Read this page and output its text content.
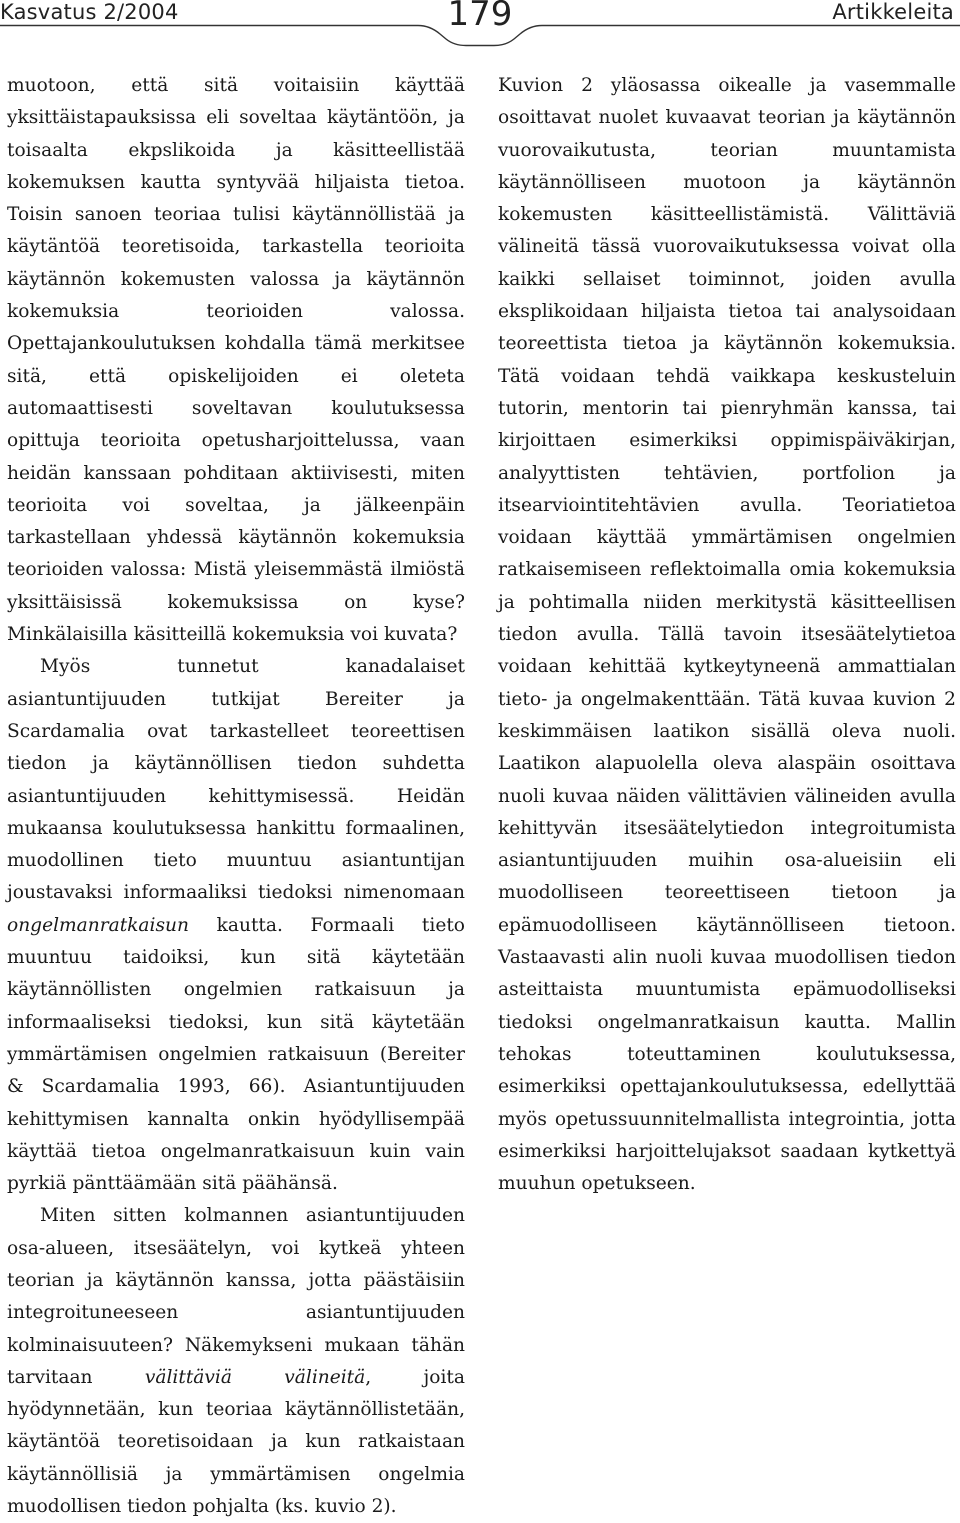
Kasvatus 2/2004	179	Artikkeleita

muotoon, että sitä voitaisiin käyttää yksittäistapauksissa eli soveltaa käytäntöön, ja toisaalta ekpslikoida ja käsitteellistää kokemuksen kautta syntyvää hiljaista tietoa. Toisin sanoen teoriaa tulisi käytännöllistää ja käytäntöä teoretisoida, tarkastella teorioita käytännön kokemusten valossa ja käytännön kokemuksia teorioiden valossa. Opettajankoulutuksen kohdalla tämä merkitsee sitä, että opiskelijoiden ei oleteta automaattisesti soveltavan koulutuksessa opittuja teorioita opetusharjoittelussa, vaan heidän kanssaan pohditaan aktiivisesti, miten teorioita voi soveltaa, ja jälkeenpäin tarkastellaan yhdessä käytännön kokemuksia teorioiden valossa: Mistä yleisemmästä ilmiöstä yksittäisissä kokemuksissa on kyse? Minkälaisilla käsitteillä kokemuksia voi kuvata?

Myös tunnetut kanadalaiset asiantuntijuuden tutkijat Bereiter ja Scardamalia ovat tarkastelleet teoreettisen tiedon ja käytännöllisen tiedon suhdetta asiantuntijuuden kehittymisessä. Heidän mukaansa koulutuksessa hankittu formaalinen, muodollinen tieto muuntuu asiantuntijan joustavaksi informaaliksi tiedoksi nimenomaan ongelmanratkaisun kautta. Formaali tieto muuntuu taidoiksi, kun sitä käytetään käytännöllisten ongelmien ratkaisuun ja informaaliseksi tiedoksi, kun sitä käytetään ymmärtämisen ongelmien ratkaisuun (Bereiter & Scardamalia 1993, 66). Asiantuntijuuden kehittymisen kannalta onkin hyödyllisempää käyttää tietoa ongelmanratkaisuun kuin vain pyrkiä pänttäämään sitä päähänsä.

Miten sitten kolmannen asiantuntijuuden osa-alueen, itsesäätelyn, voi kytkeä yhteen teorian ja käytännön kanssa, jotta päästäisiin integroituneeseen asiantuntijuuden kolminaisuuteen? Näkemykseni mukaan tähän tarvitaan välittäviä välineitä, joita hyödynnetään, kun teoriaa käytännöllistetään, käytäntöä teoretisoidaan ja kun ratkaistaan käytännöllisiä ja ymmärtämisen ongelmia muodollisen tiedon pohjalta (ks. kuvio 2).

Kuvion 2 yläosassa oikealle ja vasemmalle osoittavat nuolet kuvaavat teorian ja käytännön vuorovaikutusta, teorian muuntamista käytännölliseen muotoon ja käytännön kokemusten käsitteellistämistä. Välittäviä välineitä tässä vuorovaikutuksessa voivat olla kaikki sellaiset toiminnot, joiden avulla eksplikoidaan hiljaista tietoa tai analysoidaan teoreettista tietoa ja käytännön kokemuksia. Tätä voidaan tehdä vaikkapa keskusteluin tutorin, mentorin tai pienryhmän kanssa, tai kirjoittaen esimerkiksi oppimispäiväkirjan, analyyttisten tehtävien, portfolion ja itsearviointitehtävien avulla. Teoriatietoa voidaan käyttää ymmärtämisen ongelmien ratkaisemiseen reflektoimalla omia kokemuksia ja pohtimalla niiden merkitystä käsitteellisen tiedon avulla. Tällä tavoin itsesäätelytietoa voidaan kehittää kytkeytyneenä ammattialan tieto- ja ongelmakenttään. Tätä kuvaa kuvion 2 keskimmäisen laatikon sisällä oleva nuoli. Laatikon alapuolella oleva alaspäin osoittava nuoli kuvaa näiden välittävien välineiden avulla kehittyvän itsesäätelytiedon integroitumista asiantuntijuuden muihin osa-alueisiin eli muodolliseen teoreettiseen tietoon ja epämuodolliseen käytännölliseen tietoon. Vastaavasti alin nuoli kuvaa muodollisen tiedon asteittaista muuntumista epämuodolliseksi tiedoksi ongelmanratkaisun kautta. Mallin tehokas toteuttaminen koulutuksessa, esimerkiksi opettajankoulutuksessa, edellyttää myös opetussuunnitelmallista integrointia, jotta esimerkiksi harjoittelujaksot saadaan kytkettyä muuhun opetukseen.
